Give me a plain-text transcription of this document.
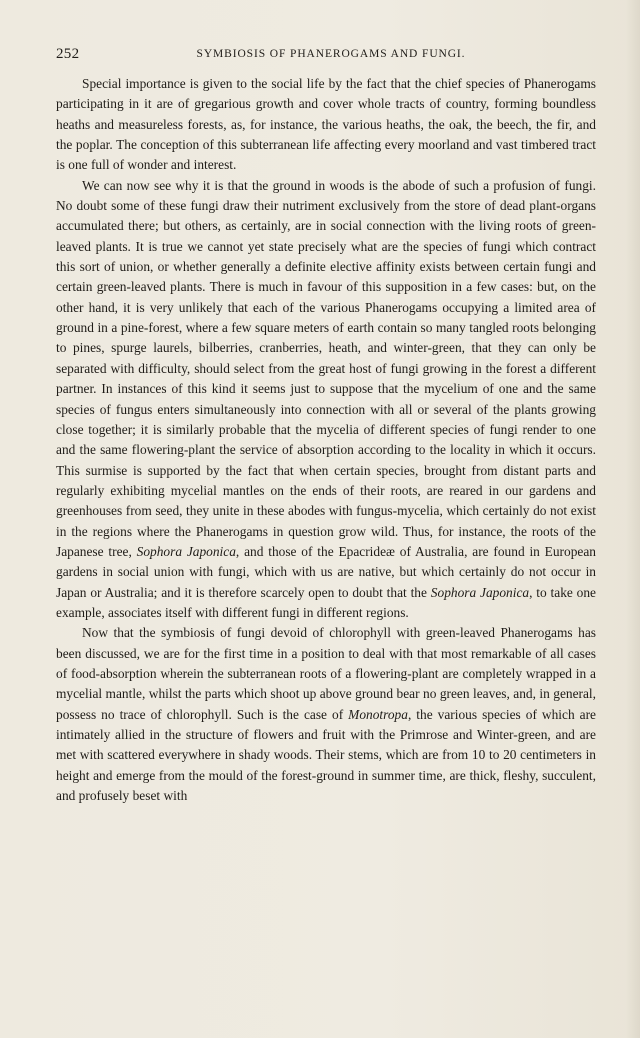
252	SYMBIOSIS OF PHANEROGAMS AND FUNGI.

Special importance is given to the social life by the fact that the chief species of Phanerogams participating in it are of gregarious growth and cover whole tracts of country, forming boundless heaths and measureless forests, as, for instance, the various heaths, the oak, the beech, the fir, and the poplar. The conception of this subterranean life affecting every moorland and vast timbered tract is one full of wonder and interest.

We can now see why it is that the ground in woods is the abode of such a profusion of fungi. No doubt some of these fungi draw their nutriment exclusively from the store of dead plant-organs accumulated there; but others, as certainly, are in social connection with the living roots of green-leaved plants. It is true we cannot yet state precisely what are the species of fungi which contract this sort of union, or whether generally a definite elective affinity exists between certain fungi and certain green-leaved plants. There is much in favour of this supposition in a few cases: but, on the other hand, it is very unlikely that each of the various Phanerogams occupying a limited area of ground in a pine-forest, where a few square meters of earth contain so many tangled roots belonging to pines, spurge laurels, bilberries, cranberries, heath, and winter-green, that they can only be separated with difficulty, should select from the great host of fungi growing in the forest a different partner. In instances of this kind it seems just to suppose that the mycelium of one and the same species of fungus enters simultaneously into connection with all or several of the plants growing close together; it is similarly probable that the mycelia of different species of fungi render to one and the same flowering-plant the service of absorption according to the locality in which it occurs. This surmise is supported by the fact that when certain species, brought from distant parts and regularly exhibiting mycelial mantles on the ends of their roots, are reared in our gardens and greenhouses from seed, they unite in these abodes with fungus-mycelia, which certainly do not exist in the regions where the Phanerogams in question grow wild. Thus, for instance, the roots of the Japanese tree, Sophora Japonica, and those of the Epacrideæ of Australia, are found in European gardens in social union with fungi, which with us are native, but which certainly do not occur in Japan or Australia; and it is therefore scarcely open to doubt that the Sophora Japonica, to take one example, associates itself with different fungi in different regions.

Now that the symbiosis of fungi devoid of chlorophyll with green-leaved Phanerogams has been discussed, we are for the first time in a position to deal with that most remarkable of all cases of food-absorption wherein the subterranean roots of a flowering-plant are completely wrapped in a mycelial mantle, whilst the parts which shoot up above ground bear no green leaves, and, in general, possess no trace of chlorophyll. Such is the case of Monotropa, the various species of which are intimately allied in the structure of flowers and fruit with the Primrose and Winter-green, and are met with scattered everywhere in shady woods. Their stems, which are from 10 to 20 centimeters in height and emerge from the mould of the forest-ground in summer time, are thick, fleshy, succulent, and profusely beset with
